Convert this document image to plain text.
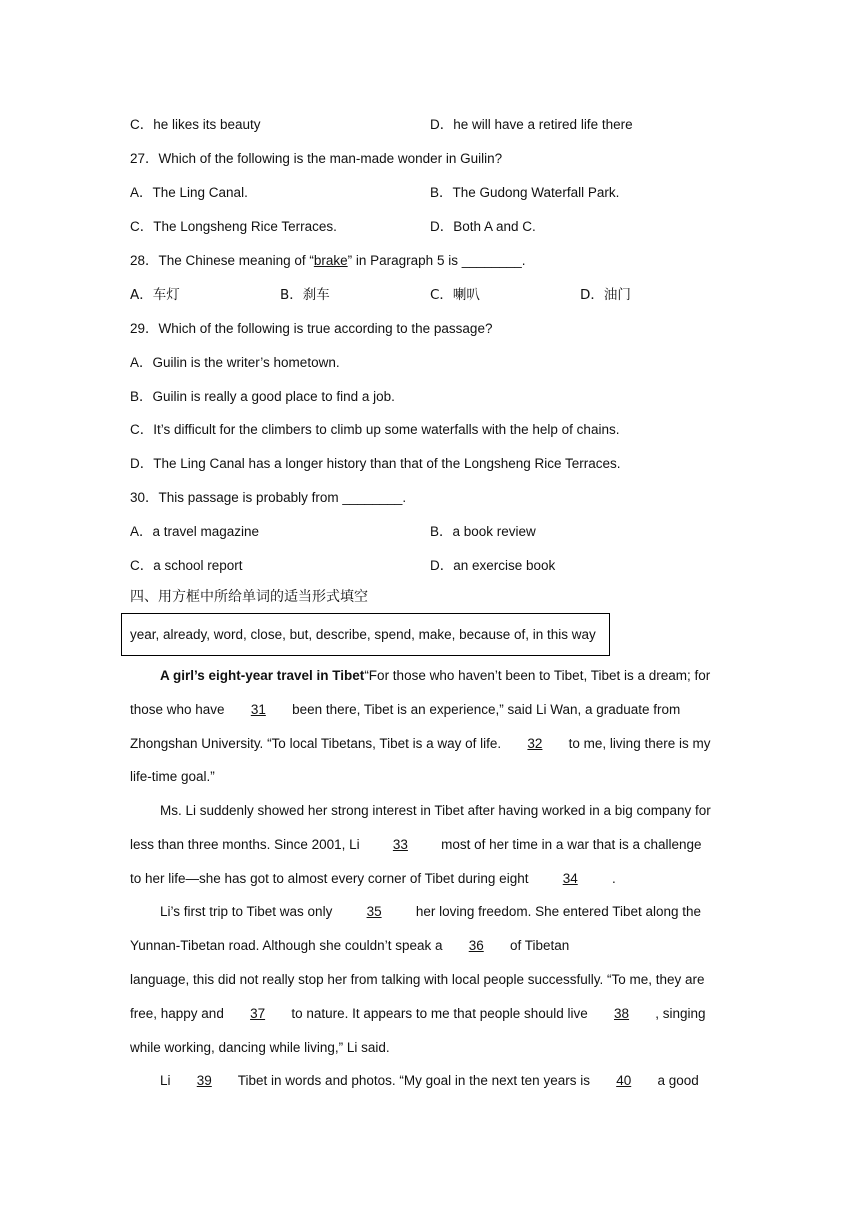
C．he likes its beauty	D．he will have a retired life there
27．Which of the following is the man-made wonder in Guilin?
A．The Ling Canal.	B．The Gudong Waterfall Park.
C．The Longsheng Rice Terraces.	D．Both A and C.
28．The Chinese meaning of “brake” in Paragraph 5 is ________.
A．车灯	B．刹车	C．喇叭	D．油门
29．Which of the following is true according to the passage?
A．Guilin is the writer’s hometown.
B．Guilin is really a good place to find a job.
C．It’s difficult for the climbers to climb up some waterfalls with the help of chains.
D．The Ling Canal has a longer history than that of the Longsheng Rice Terraces.
30．This passage is probably from ________.
A．a travel magazine	B．a book review
C．a school report	D．an exercise book
四、用方框中所给单词的适当形式填空
year, already, word, close, but, describe, spend, make, because of, in this way
A girl’s eight-year travel in Tibet“For those who haven’t been to Tibet, Tibet is a dream; for
those who have 31 been there, Tibet is an experience,” said Li Wan, a graduate from
Zhongshan University. “To local Tibetans, Tibet is a way of life. 32 to me, living there is my
life-time goal.”
Ms. Li suddenly showed her strong interest in Tibet after having worked in a big company for
less than three months. Since 2001, Li 33 most of her time in a war that is a challenge
to her life—she has got to almost every corner of Tibet during eight 34 .
Li’s first trip to Tibet was only 35 her loving freedom. She entered Tibet along the
Yunnan-Tibetan road. Although she couldn’t speak a 36 of Tibetan
language, this did not really stop her from talking with local people successfully. “To me, they are
free, happy and 37 to nature. It appears to me that people should live 38 , singing
while working, dancing while living,” Li said.
Li 39 Tibet in words and photos. “My goal in the next ten years is 40 a good
